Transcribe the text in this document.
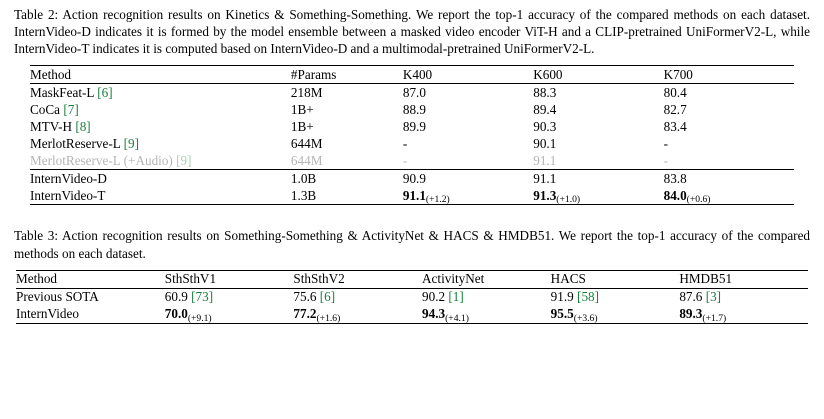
Table 2: Action recognition results on Kinetics & Something-Something. We report the top-1 accuracy of the compared methods on each dataset. InternVideo-D indicates it is formed by the model ensemble between a masked video encoder ViT-H and a CLIP-pretrained UniFormerV2-L, while InternVideo-T indicates it is computed based on InternVideo-D and a multimodal-pretrained UniFormerV2-L.

Method	#Params	K400	K600	K700
MaskFeat-L [6]	218M	87.0	88.3	80.4
CoCa [7]	1B+	88.9	89.4	82.7
MTV-H [8]	1B+	89.9	90.3	83.4
MerlotReserve-L [9]	644M	-	90.1	-
MerlotReserve-L (+Audio) [9]	644M	-	91.1	-
InternVideo-D	1.0B	90.9	91.1	83.8
InternVideo-T	1.3B	91.1(+1.2)	91.3(+1.0)	84.0(+0.6)

Table 3: Action recognition results on Something-Something & ActivityNet & HACS & HMDB51. We report the top-1 accuracy of the compared methods on each dataset.

Method	SthSthV1	SthSthV2	ActivityNet	HACS	HMDB51
Previous SOTA	60.9 [73]	75.6 [6]	90.2 [1]	91.9 [58]	87.6 [3]
InternVideo	70.0(+9.1)	77.2(+1.6)	94.3(+4.1)	95.5(+3.6)	89.3(+1.7)
